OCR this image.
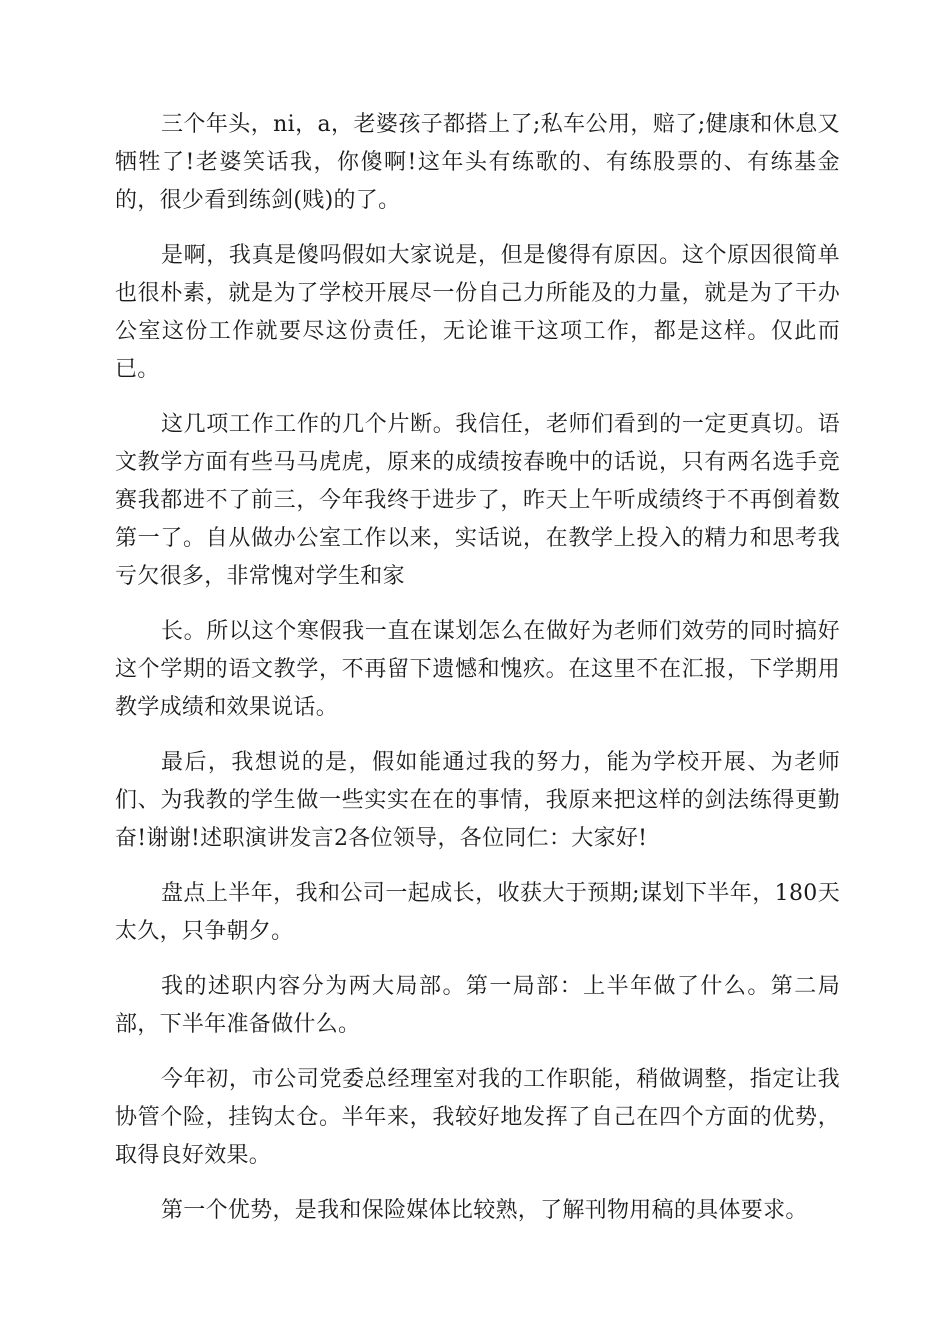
三个年头，ni，a，老婆孩子都搭上了;私车公用，赔了;健康和休息又牺牲了!老婆笑话我，你傻啊!这年头有练歌的、有练股票的、有练基金的，很少看到练剑(贱)的了。

是啊，我真是傻吗假如大家说是，但是傻得有原因。这个原因很简单也很朴素，就是为了学校开展尽一份自己力所能及的力量，就是为了干办公室这份工作就要尽这份责任，无论谁干这项工作，都是这样。仅此而已。

这几项工作工作的几个片断。我信任，老师们看到的一定更真切。语文教学方面有些马马虎虎，原来的成绩按春晚中的话说，只有两名选手竞赛我都进不了前三，今年我终于进步了，昨天上午听成绩终于不再倒着数第一了。自从做办公室工作以来，实话说，在教学上投入的精力和思考我亏欠很多，非常愧对学生和家

长。所以这个寒假我一直在谋划怎么在做好为老师们效劳的同时搞好这个学期的语文教学，不再留下遗憾和愧疚。在这里不在汇报，下学期用教学成绩和效果说话。

最后，我想说的是，假如能通过我的努力，能为学校开展、为老师们、为我教的学生做一些实实在在的事情，我原来把这样的剑法练得更勤奋!谢谢!述职演讲发言2各位领导，各位同仁：大家好!

盘点上半年，我和公司一起成长，收获大于预期;谋划下半年，180天太久，只争朝夕。

我的述职内容分为两大局部。第一局部：上半年做了什么。第二局部，下半年准备做什么。

今年初，市公司党委总经理室对我的工作职能，稍做调整，指定让我协管个险，挂钩太仓。半年来，我较好地发挥了自己在四个方面的优势，取得良好效果。

第一个优势，是我和保险媒体比较熟，了解刊物用稿的具体要求。
